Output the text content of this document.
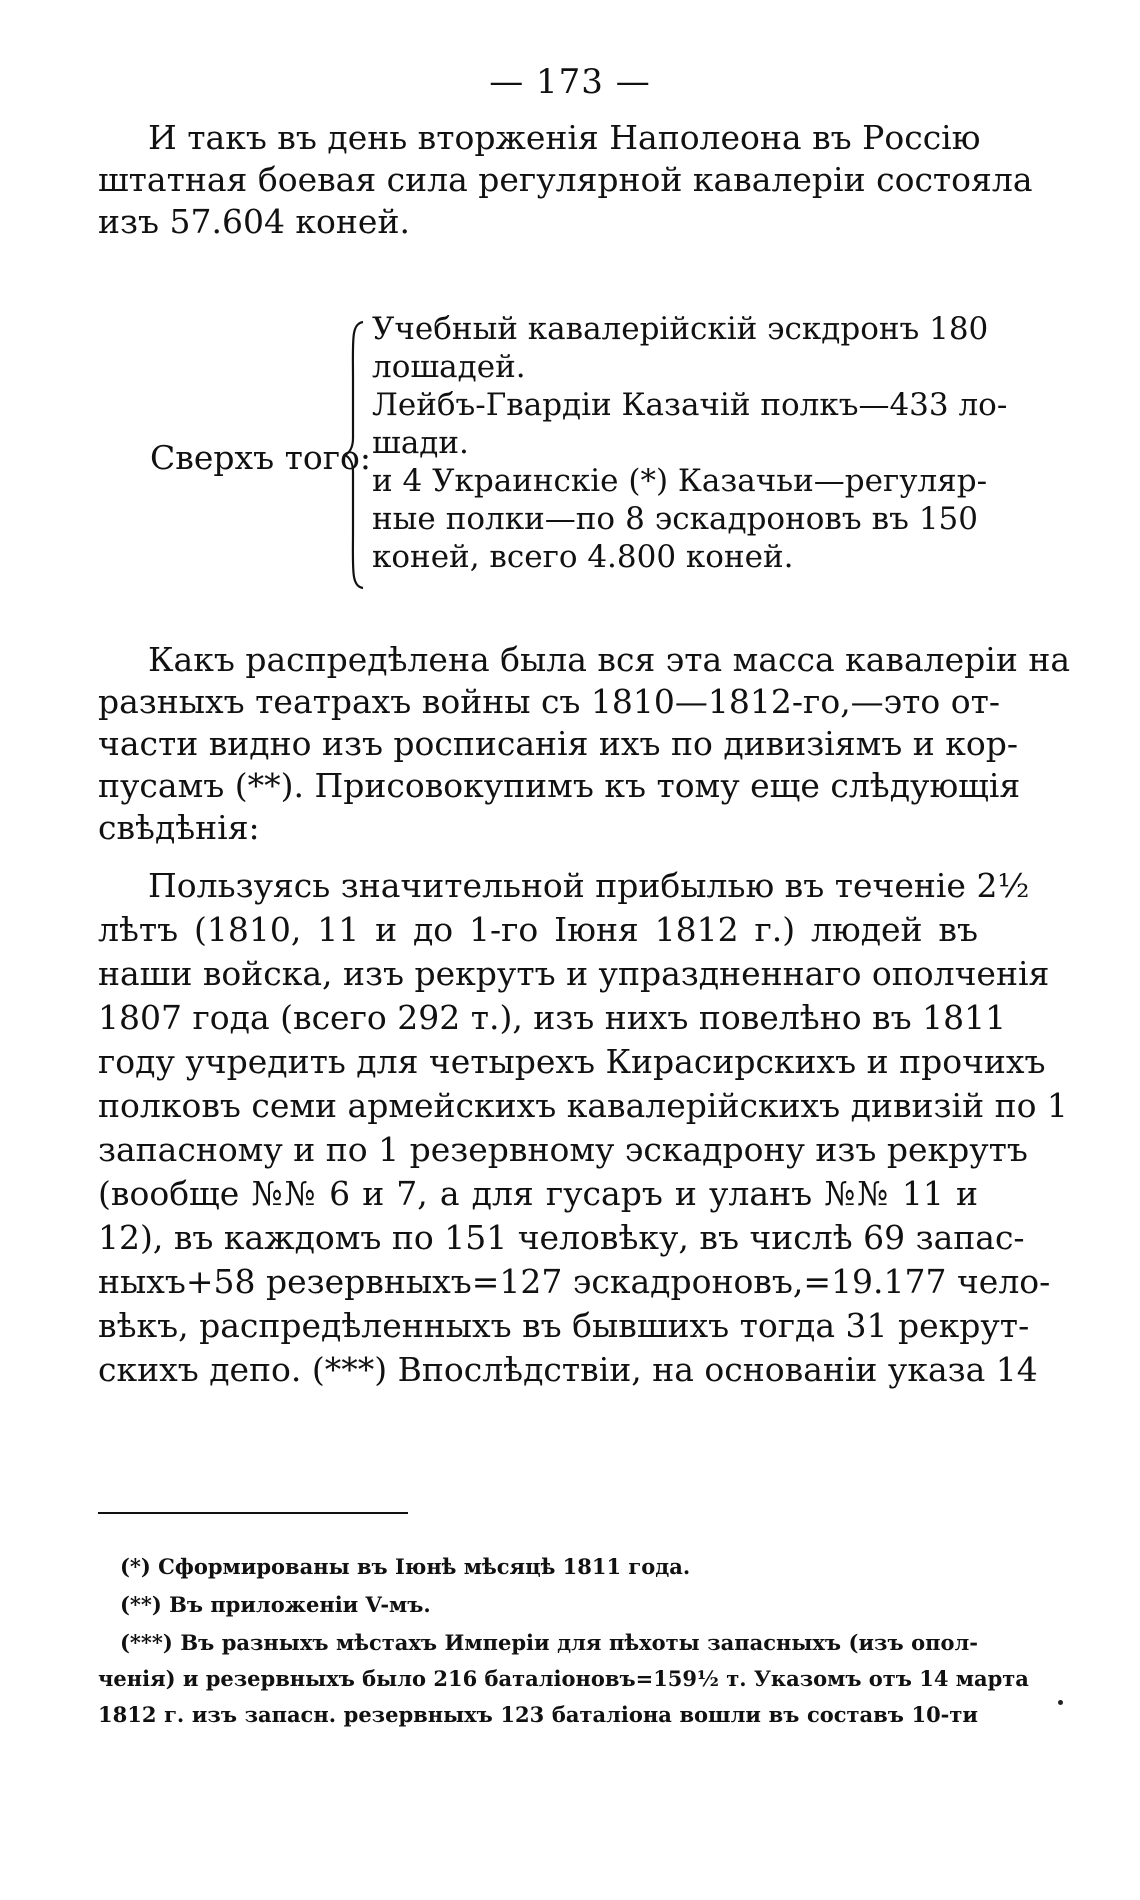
— 173 —
И такъ въ день вторженія Наполеона въ Россію
штатная боевая сила регулярной кавалеріи состояла
изъ 57.604 коней.
Сверхъ того:
Учебный кавалерійскій эскдронъ 180
лошадей.
Лейбъ-Гвардіи Казачій полкъ—433 ло-
шади.
и 4 Украинскіе (*) Казачьи—регуляр-
ные полки—по 8 эскадроновъ въ 150
коней, всего 4.800 коней.
Какъ распредѣлена была вся эта масса кавалеріи на
разныхъ театрахъ войны съ 1810—1812-го,—это от-
части видно изъ росписанія ихъ по дивизіямъ и кор-
пусамъ (**). Присовокупимъ къ тому еще слѣдующія
свѣдѣнія:
Пользуясь значительной прибылью въ теченіе 2½
лѣтъ (1810, 11 и до 1-го Іюня 1812 г.) людей въ
наши войска, изъ рекрутъ и упраздненнаго ополченія
1807 года (всего 292 т.), изъ нихъ повелѣно въ 1811
году учредить для четырехъ Кирасирскихъ и прочихъ
полковъ семи армейскихъ кавалерійскихъ дивизій по 1
запасному и по 1 резервному эскадрону изъ рекрутъ
(вообще №№ 6 и 7, а для гусаръ и уланъ №№ 11 и
12), въ каждомъ по 151 человѣку, въ числѣ 69 запас-
ныхъ+58 резервныхъ=127 эскадроновъ,=19.177 чело-
вѣкъ, распредѣленныхъ въ бывшихъ тогда 31 рекрут-
скихъ депо. (***) Впослѣдствіи, на основаніи указа 14
(*) Сформированы въ Іюнѣ мѣсяцѣ 1811 года.
(**) Въ приложеніи V-мъ.
(***) Въ разныхъ мѣстахъ Имперіи для пѣхоты запасныхъ (изъ опол-
ченія) и резервныхъ было 216 баталіоновъ=159½ т. Указомъ отъ 14 марта
1812 г. изъ запасн. резервныхъ 123 баталіона вошли въ составъ 10-ти
